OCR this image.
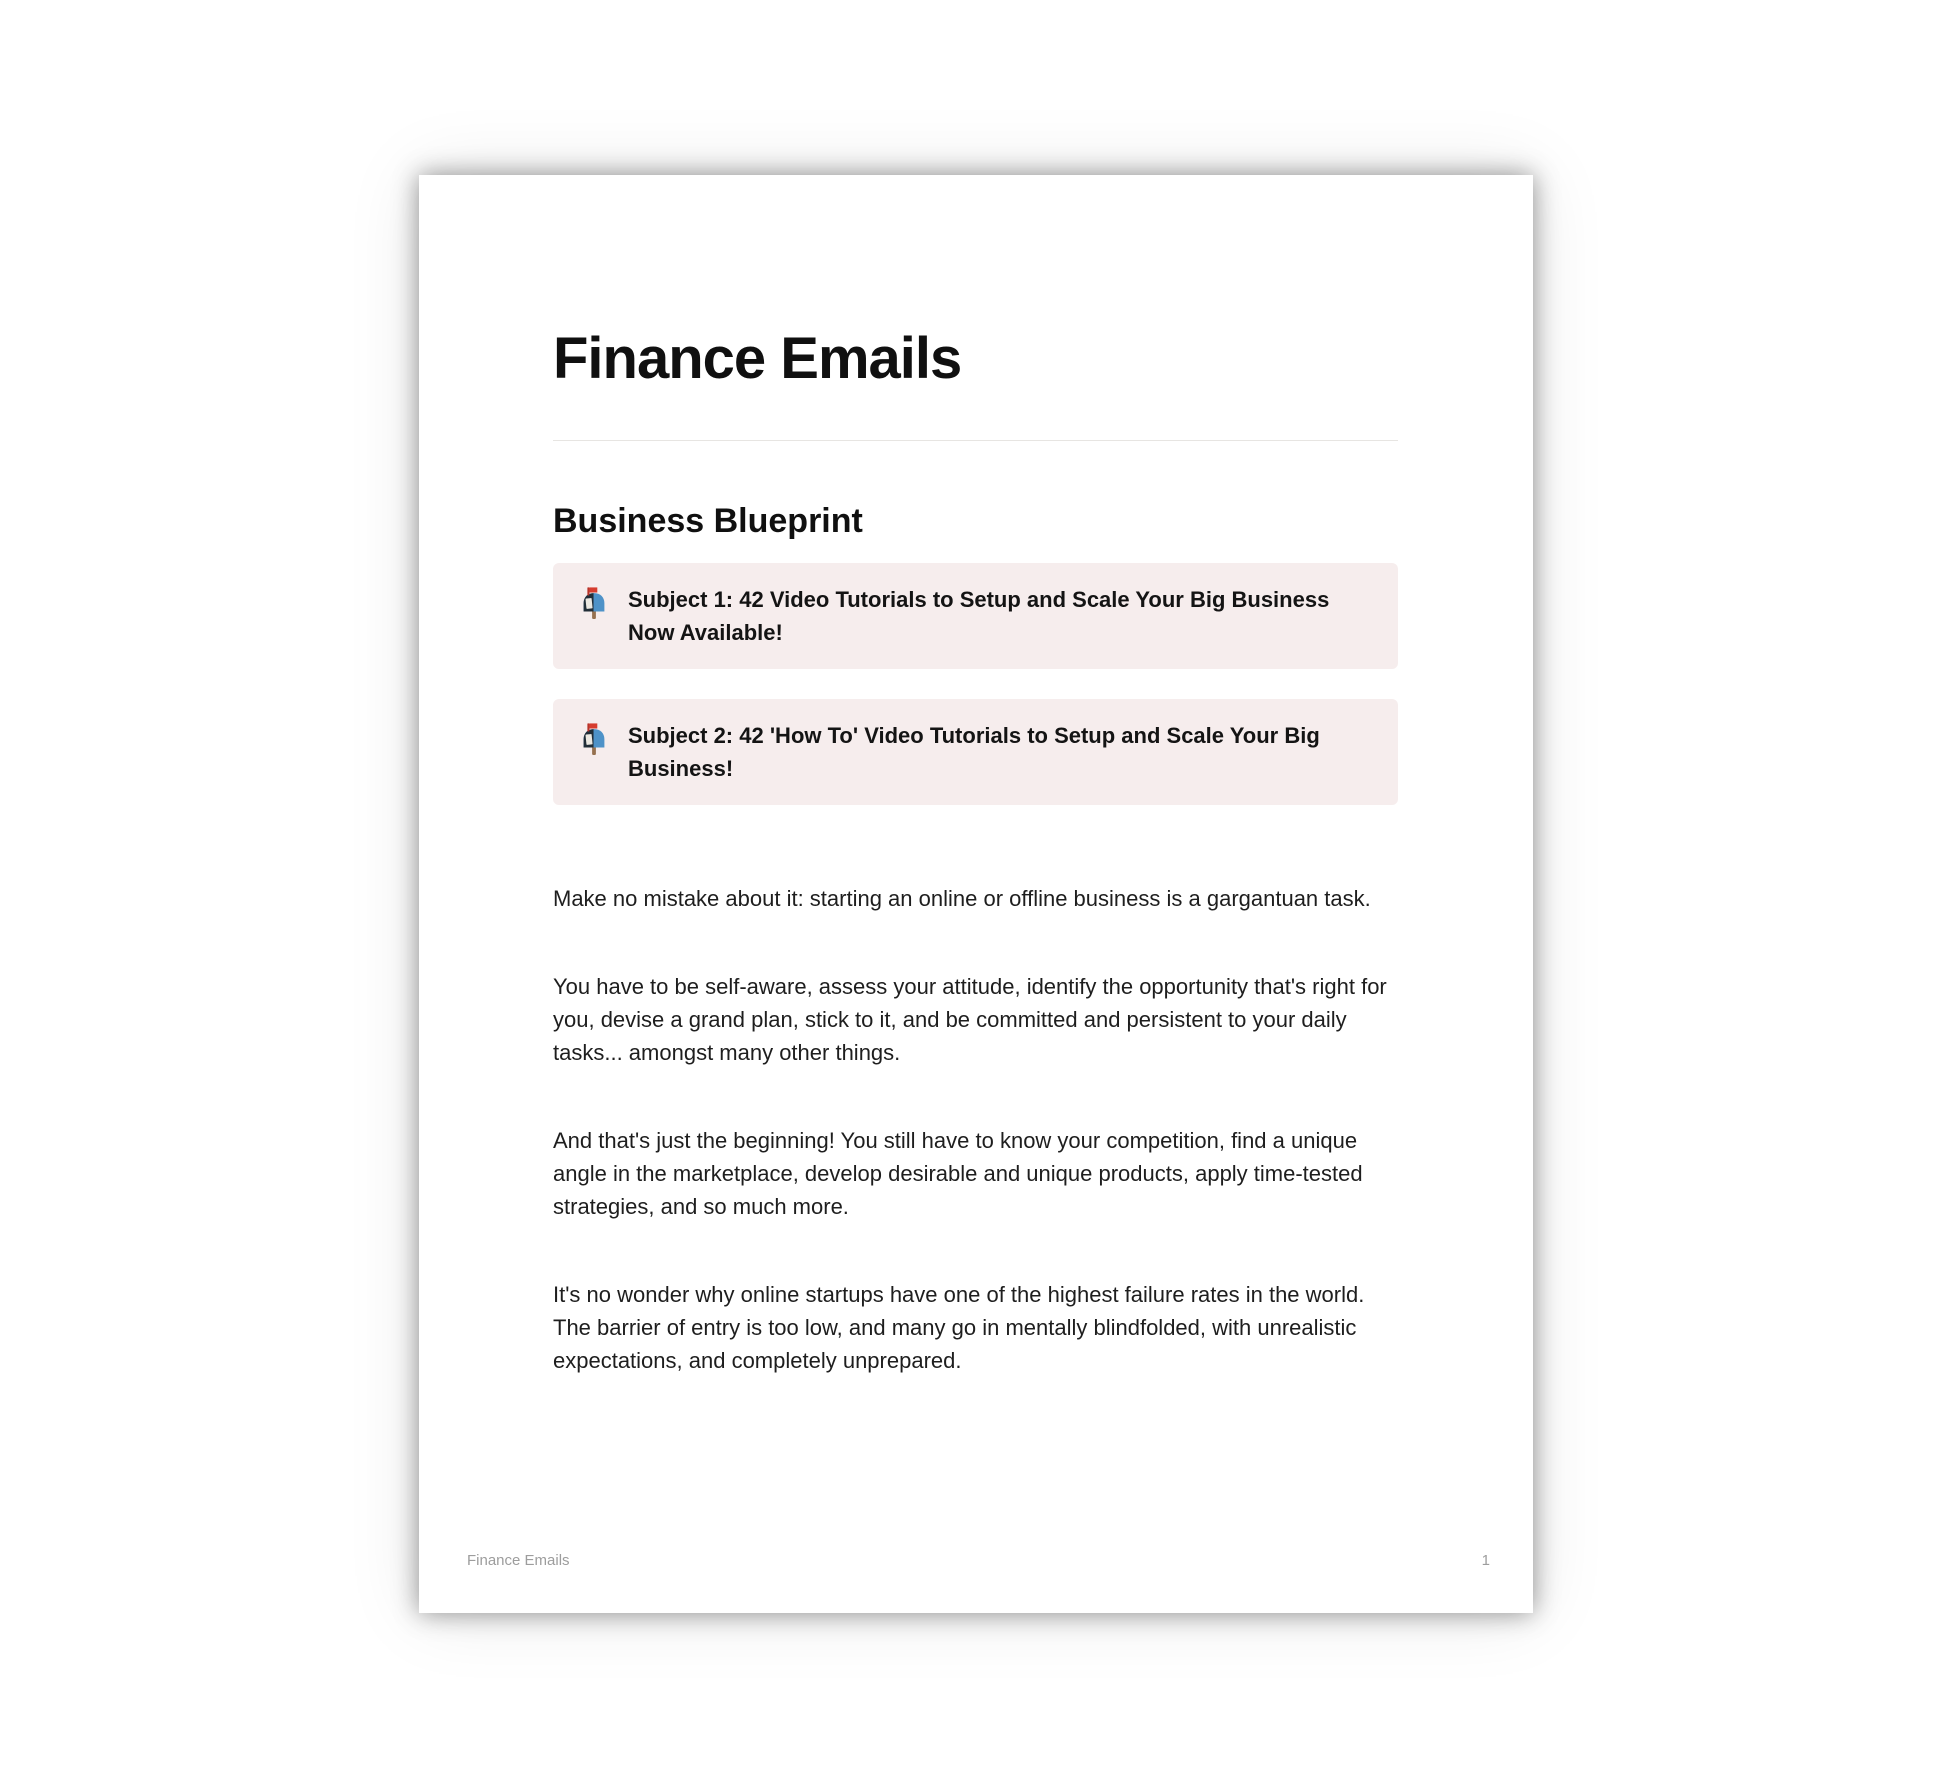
Finance Emails
Business Blueprint
Subject 1: 42 Video Tutorials to Setup and Scale Your Big Business Now Available!
Subject 2: 42 'How To' Video Tutorials to Setup and Scale Your Big Business!

Make no mistake about it: starting an online or offline business is a gargantuan task.

You have to be self-aware, assess your attitude, identify the opportunity that's right for you, devise a grand plan, stick to it, and be committed and persistent to your daily tasks... amongst many other things.

And that's just the beginning! You still have to know your competition, find a unique angle in the marketplace, develop desirable and unique products, apply time-tested strategies, and so much more.

It's no wonder why online startups have one of the highest failure rates in the world. The barrier of entry is too low, and many go in mentally blindfolded, with unrealistic expectations, and completely unprepared.

Finance Emails	1
